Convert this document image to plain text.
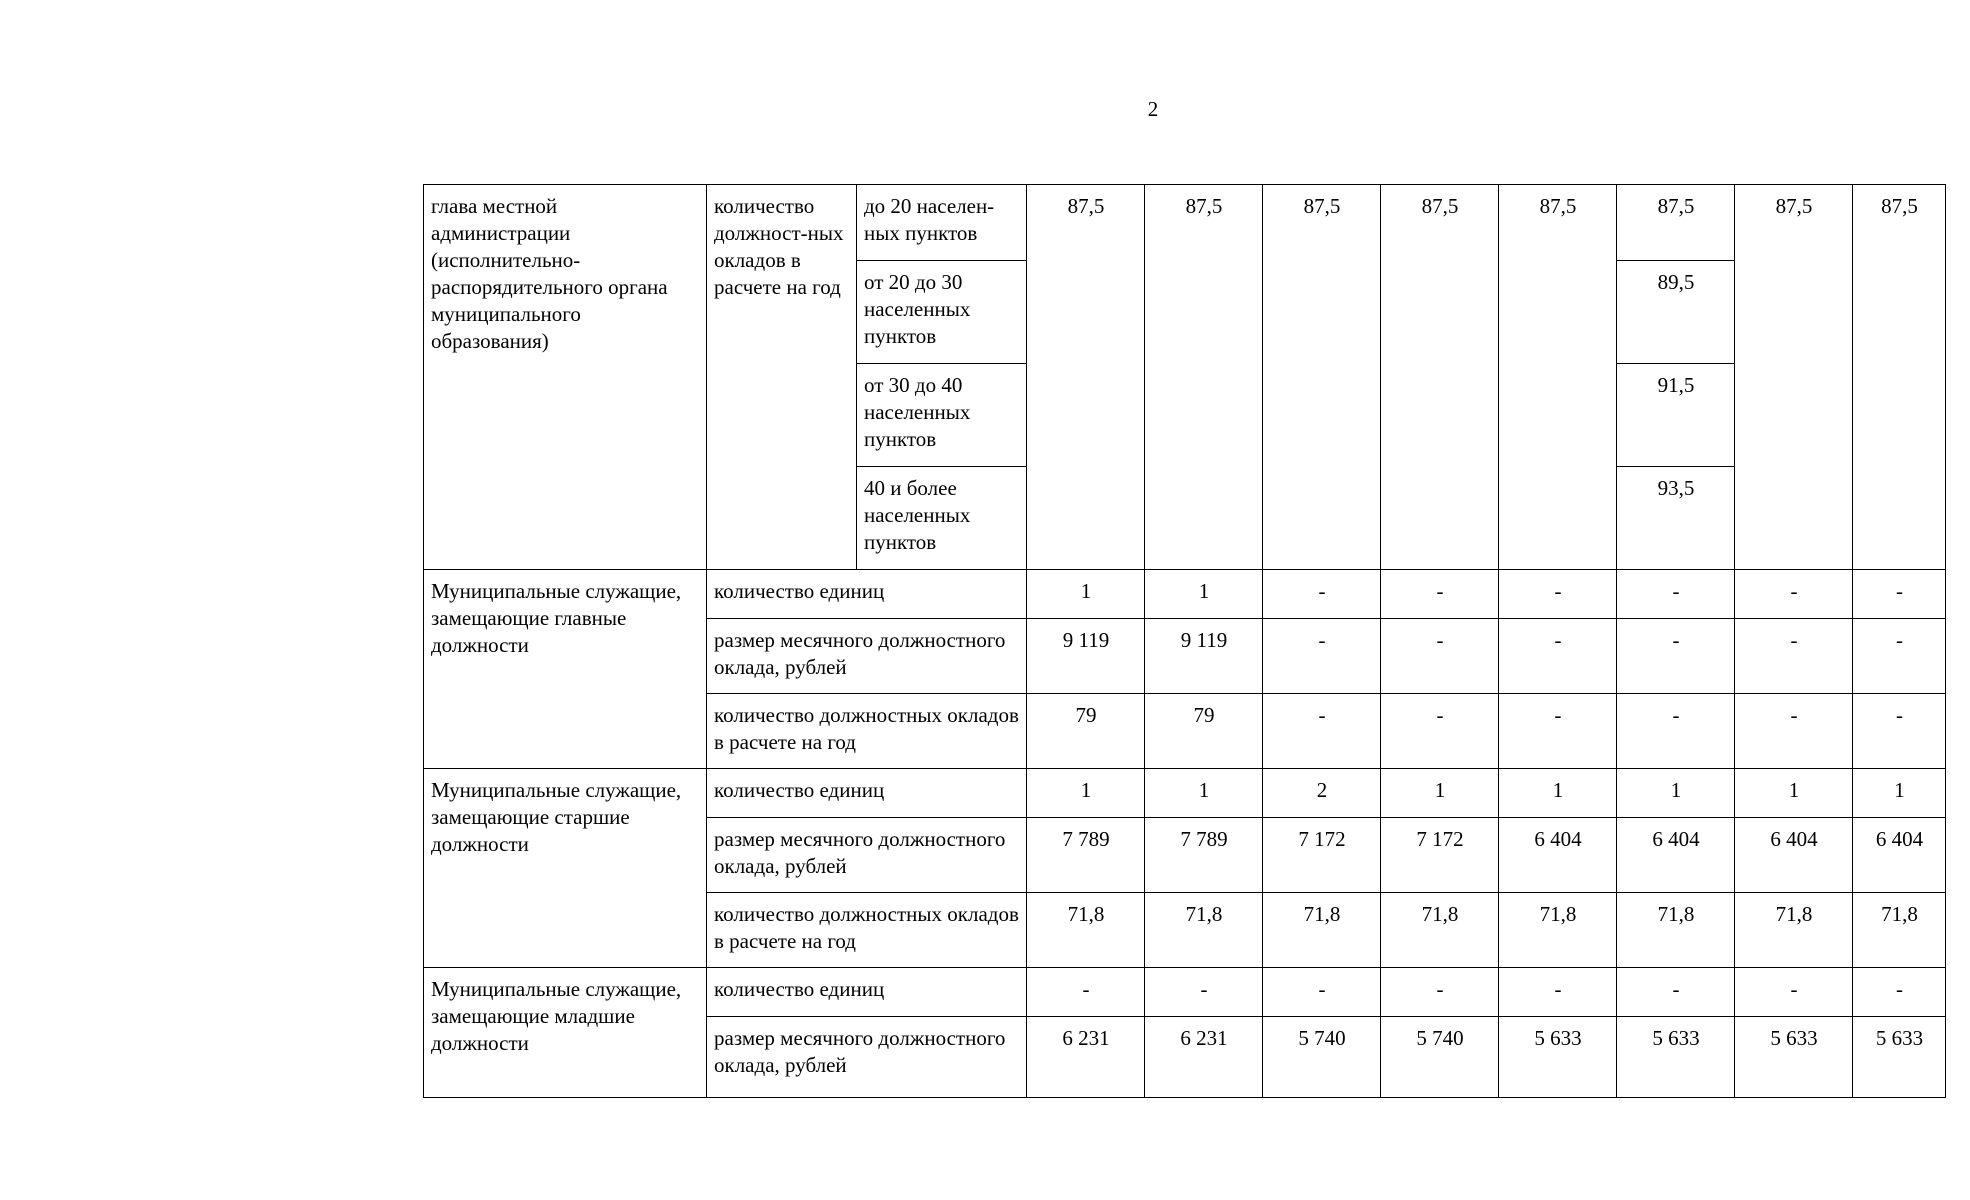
2
глава местной администрации (исполнительно-распорядительного органа муниципального образования)	количество должност-ных окладов в расчете на год	до 20 населен-ных пунктов	87,5	87,5	87,5	87,5	87,5	87,5	87,5	87,5
		от 20 до 30 населенных пунктов						89,5		
		от 30 до 40 населенных пунктов						91,5		
		40 и более населенных пунктов						93,5		
Муниципальные служащие, замещающие главные должности	количество единиц		1	1	-	-	-	-	-	-
	размер месячного должностного оклада, рублей		9 119	9 119	-	-	-	-	-	-
	количество должностных окладов в расчете на год		79	79	-	-	-	-	-	-
Муниципальные служащие, замещающие старшие должности	количество единиц		1	1	2	1	1	1	1	1
	размер месячного должностного оклада, рублей		7 789	7 789	7 172	7 172	6 404	6 404	6 404	6 404
	количество должностных окладов в расчете на год		71,8	71,8	71,8	71,8	71,8	71,8	71,8	71,8
Муниципальные служащие, замещающие младшие должности	количество единиц		-	-	-	-	-	-	-	-
	размер месячного должностного оклада, рублей		6 231	6 231	5 740	5 740	5 633	5 633	5 633	5 633
